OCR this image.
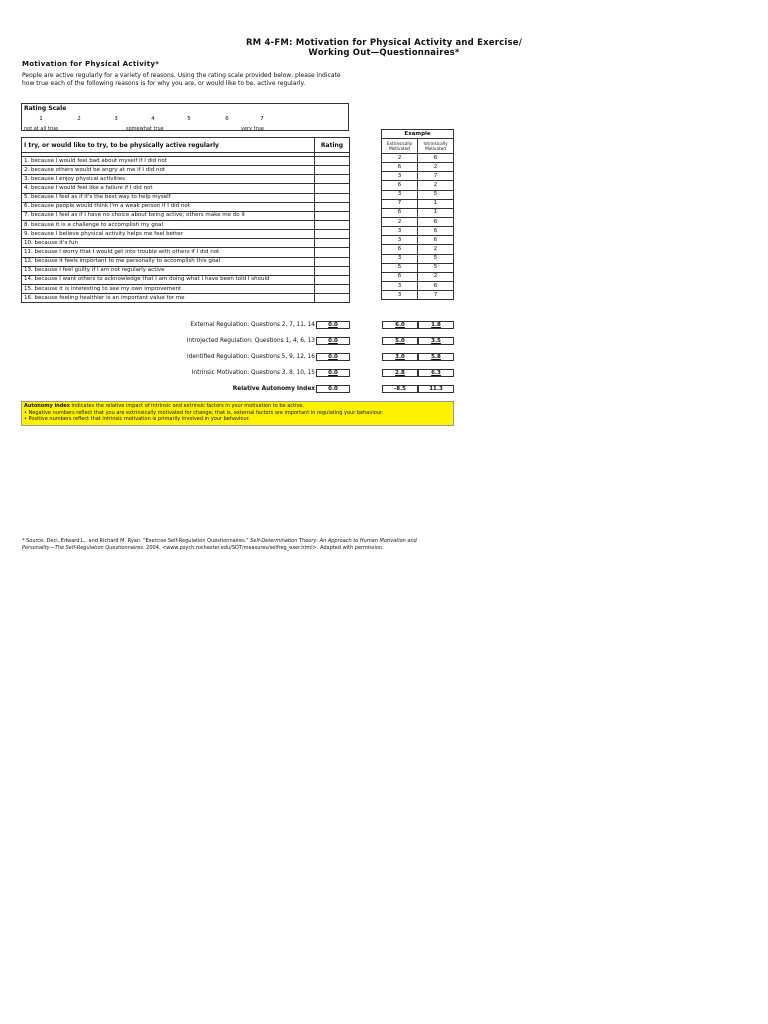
RM 4-FM: Motivation for Physical Activity and Exercise/
Working Out—Questionnaires*
Motivation for Physical Activity*
People are active regularly for a variety of reasons. Using the rating scale provided below, please indicate how true each of the following reasons is for why you are, or would like to be, active regularly.
Rating Scale
1	2	3	4	5	6	7
not at all true	somewhat true	very true
I try, or would like to try, to be physically active regularly	Rating

1. because I would feel bad about myself if I did not	
2. because others would be angry at me if I did not	
3. because I enjoy physical activities	
4. because I would feel like a failure if I did not	
5. because I feel as if it's the best way to help myself	
6. because people would think I'm a weak person if I did not	
7. because I feel as if I have no choice about being active; others make me do it	
8. because it is a challenge to accomplish my goal	
9. because I believe physical activity helps me feel better	
10. because it's fun	
11. because I worry that I would get into trouble with others if I did not	
12. because it feels important to me personally to accomplish this goal	
13. because I feel guilty if I am not regularly active	
14. because I want others to acknowledge that I am doing what I have been told I should	
15. because it is interesting to see my own improvement	
16. because feeling healthier is an important value for me	
Example	
Extrinsically Motivated	Intrinsically Motivated
2	6
6	2
3	7
6	2
3	5
7	1
6	1
2	6
3	6
3	6
6	2
3	5
5	5
6	2
3	6
3	7
External Regulation: Questions 2, 7, 11, 14	0.0	6.0	1.8
Introjected Regulation: Questions 1, 4, 6, 13	0.0	5.0	3.5
Identified Regulation: Questions 5, 9, 12, 16	0.0	3.0	5.8
Intrinsic Motivation: Questions 3, 8, 10, 15	0.0	2.8	6.3
Relative Autonomy Index	0.0	-8.5	11.3
Autonomy index indicates the relative impact of intrinsic and extrinsic factors in your motivation to be active.
• Negative numbers reflect that you are extrinsically motivated for change; that is, external factors are important in regulating your behaviour.
• Positive numbers reflect that intrinsic motivation is primarily involved in your behaviour.
* Source: Deci, Edward L., and Richard M. Ryan. "Exercise Self-Regulation Questionnaires." Self-Determination Theory: An Approach to Human Motivation and Personality—The Self-Regulation Questionnaires. 2004. <www.psych.rochester.edu/SDT/measures/selfreg_exer.html>. Adapted with permission.
